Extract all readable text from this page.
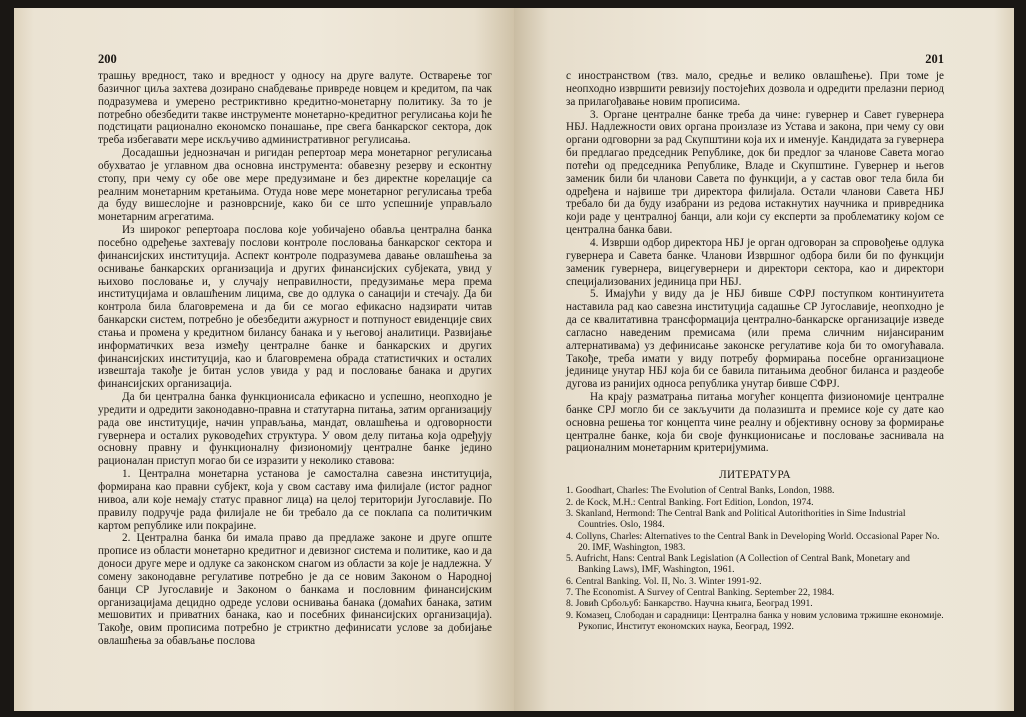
200

трашњу вредност, тако и вредност у односу на друге валуте. Остварење тог базичног циља захтева дозирано снабдевање привреде новцем и кредитом, па чак подразумева и умерено рестриктивно кредитно-монетарну политику. За то је потребно обезбедити такве инструменте монетарно-кредитног регулисања који ће подстицати рационално економско понашање, пре свега банкарског сектора, док треба избегавати мере искључиво административног регулисања.

Досадашњи једнозначан и ригидан репертоар мера монетарног регулисања обухватао је углавном два основна инструмента: обавезну резерву и есконтну стопу, при чему су обе ове мере предузимане и без директне корелације са реалним монетарним кретањима. Отуда нове мере монетарног регулисања треба да буду вишеслојне и разноврсније, како би се што успешније управљало монетарним агрегатима.

Из широког репертоара послова које уобичајено обавља централна банка посебно одређење захтевају послови контроле пословања банкарског сектора и финансијских институција. Аспект контроле подразумева давање овлашћења за оснивање банкарских организација и других финансијских субјеката, увид у њихово пословање и, у случају неправилности, предузимање мера према институцијама и овлашћеним лицима, све до одлука о санацији и стечају. Да би контрола била благовремена и да би се могао ефикасно надзирати читав банкарски систем, потребно је обезбедити ажурност и потпуност евиденције свих стања и промена у кредитном билансу банака и у његовој аналитици. Развијање информатичких веза између централне банке и банкарских и других финансијских институција, као и благовремена обрада статистичких и осталих извештаја такође је битан услов увида у рад и пословање банака и других финансијских организација.

Да би централна банка функционисала ефикасно и успешно, неопходно је уредити и одредити законодавно-правна и статутарна питања, затим организацију рада ове институције, начин управљања, мандат, овлашћења и одговорности гувернера и осталих руководећих структура. У овом делу питања која одређују основну правну и функционалну физиономију централне банке једино рационалан приступ могао би се изразити у неколико ставова:

1. Централна монетарна установа је самостална савезна институција, формирана као правни субјект, која у свом саставу има филијале (истог радног нивоа, али које немају статус правног лица) на целој територији Југославије. По правилу подручје рада филијале не би требало да се поклапа са политичким картом републике или покрајине.

2. Централна банка би имала право да предлаже законе и друге опште прописе из области монетарно кредитног и девизног система и политике, као и да доноси друге мере и одлуке са законском снагом из области за које је надлежна. У сомену законодавне регулативе потребно је да се новим Законом о Народној банци СР Југославије и Законом о банкама и пословним финансијским организацијама децидно одреде услови оснивања банака (домаћих банака, затим мешовитих и приватних банака, као и посебних финансијских организација). Такође, овим прописима потребно је стриктно дефинисати услове за добијање овлашћења за обављање послова

201

с иностранством (твз. мало, средње и велико овлашћење). При томе је неопходно извршити ревизију постојећих дозвола и одредити прелазни период за прилагођавање новим прописима.

3. Органе централне банке треба да чине: гувернер и Савет гувернера НБЈ. Надлежности ових органа произлазе из Устава и закона, при чему су ови органи одговорни за рад Скупштини која их и именује. Кандидата за гувернера би предлагао председник Републике, док би предлог за чланове Савета могао потећи од председника Републике, Владе и Скупштине. Гувернер и његов заменик били би чланови Савета по функцији, а у састав овог тела била би одређена и највише три директора филијала. Остали чланови Савета НБЈ требало би да буду изабрани из редова истакнутих научника и привредника који раде у централној банци, али који су експерти за проблематику којом се централна банка бави.

4. Изврши одбор директора НБЈ је орган одговоран за спровођење одлука гувернера и Савета банке. Чланови Извршног одбора били би по функцији заменик гувернера, вицегувернери и директори сектора, као и директори специјализованих јединица при НБЈ.

5. Имајући у виду да је НБЈ бивше СФРЈ поступком континуитета наставила рад као савезна институција садашње СР Југославије, неопходно је да се квалитативна трансформација централно-банкарске организације изведе сагласно наведеним премисама (или према сличним нијансираним алтернативама) уз дефинисање законске регулативе која би то омогућавала. Такође, треба имати у виду потребу формирања посебне организационе јединице унутар НБЈ која би се бавила питањима деобног биланса и раздеобе дугова из ранијих односа република унутар бивше СФРЈ.

На крају разматрања питања могућег концепта физиономије централне банке СРЈ могло би се закључити да полазишта и премисе које су дате као основна решења тог концепта чине реалну и објективну основу за формирање централне банке, која би своје функционисање и пословање заснивала на рационалним монетарним критеријумима.

ЛИТЕРАТУРА
1. Goodhart, Charles: The Evolution of Central Banks, London, 1988.
2. de Kock, M.H.: Central Banking. Fort Edition, London, 1974.
3. Skanland, Hermond: The Central Bank and Political Autorithorities in Sime Industrial Countries. Oslo, 1984.
4. Collyns, Charles: Alternatives to the Central Bank in Developing World. Occasional Paper No. 20. IMF, Washington, 1983.
5. Aufricht, Hans: Central Bank Legislation (A Collection of Central Bank, Monetary and Banking Laws), IMF, Washington, 1961.
6. Central Banking. Vol. II, No. 3. Winter 1991-92.
7. The Economist. A Survey of Central Banking. September 22, 1984.
8. Јовић Србољуб: Банкарство. Научна књига, Београд 1991.
9. Комазец, Слободан и сарадници: Централна банка у новим условима тржишне економије. Рукопис, Институт економских наука, Београд, 1992.
